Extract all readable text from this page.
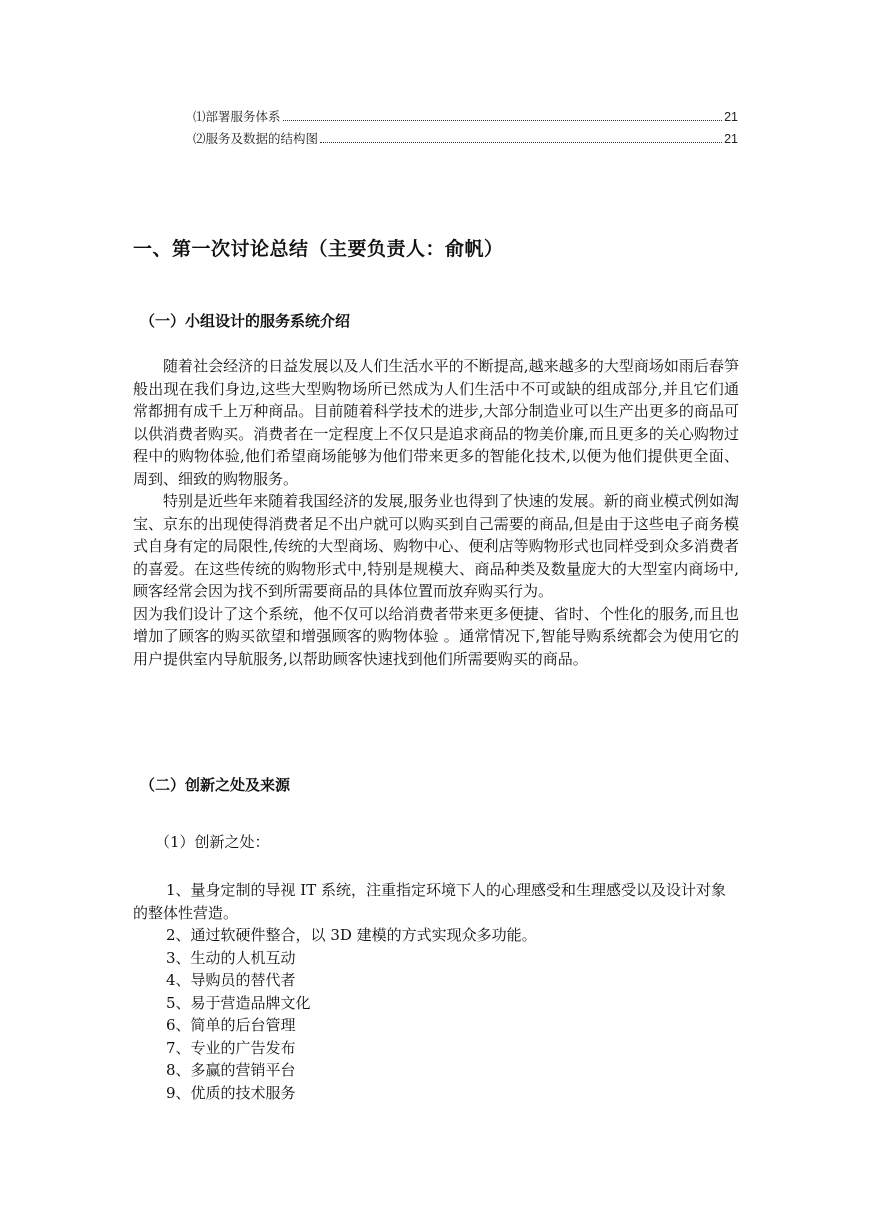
⑴部署服务体系	21
⑵服务及数据的结构图	21
一、第一次讨论总结（主要负责人：俞帆）
（一）小组设计的服务系统介绍

随着社会经济的日益发展以及人们生活水平的不断提高,越来越多的大型商场如雨后春笋般出现在我们身边,这些大型购物场所已然成为人们生活中不可或缺的组成部分,并且它们通常都拥有成千上万种商品。目前随着科学技术的进步,大部分制造业可以生产出更多的商品可以供消费者购买。消费者在一定程度上不仅只是追求商品的物美价廉,而且更多的关心购物过程中的购物体验,他们希望商场能够为他们带来更多的智能化技术,以便为他们提供更全面、周到、细致的购物服务。

特别是近些年来随着我国经济的发展,服务业也得到了快速的发展。新的商业模式例如淘宝、京东的出现使得消费者足不出户就可以购买到自己需要的商品,但是由于这些电子商务模式自身有定的局限性,传统的大型商场、购物中心、便利店等购物形式也同样受到众多消费者的喜爱。在这些传统的购物形式中,特别是规模大、商品种类及数量庞大的大型室内商场中,顾客经常会因为找不到所需要商品的具体位置而放弃购买行为。

因为我们设计了这个系统，他不仅可以给消费者带来更多便捷、省时、个性化的服务,而且也增加了顾客的购买欲望和增强顾客的购物体验 。通常情况下,智能导购系统都会为使用它的用户提供室内导航服务,以帮助顾客快速找到他们所需要购买的商品。

（二）创新之处及来源

（1）创新之处：

1、量身定制的导视 IT 系统，注重指定环境下人的心理感受和生理感受以及设计对象的整体性营造。

2、通过软硬件整合，以 3D 建模的方式实现众多功能。

3、生动的人机互动

4、导购员的替代者

5、易于营造品牌文化

6、简单的后台管理

7、专业的广告发布

8、多赢的营销平台

9、优质的技术服务
